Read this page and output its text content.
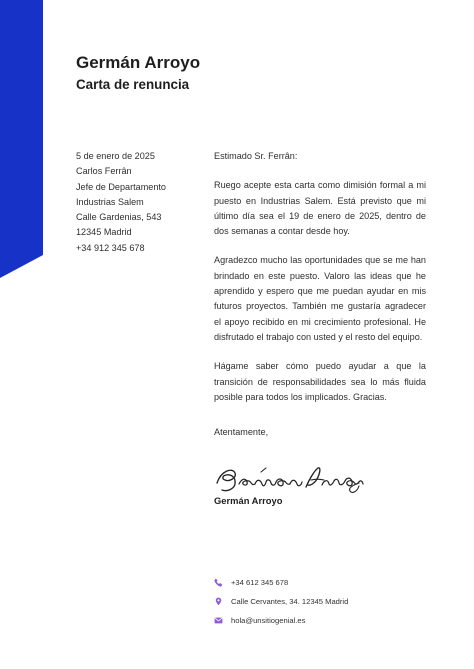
Germán Arroyo
Carta de renuncia
5 de enero de 2025
Carlos Ferrân
Jefe de Departamento
Industrias Salem
Calle Gardenias, 543
12345 Madrid
+34 912 345 678

Estimado Sr. Ferrân:

Ruego acepte esta carta como dimisión formal a mi puesto en Industrias Salem. Está previsto que mi último día sea el 19 de enero de 2025, dentro de dos semanas a contar desde hoy.

Agradezco mucho las oportunidades que se me han brindado en este puesto. Valoro las ideas que he aprendido y espero que me puedan ayudar en mis futuros proyectos. También me gustaría agradecer el apoyo recibido en mi crecimiento profesional. He disfrutado el trabajo con usted y el resto del equipo.

Hágame saber cómo puedo ayudar a que la transición de responsabilidades sea lo más fluida posible para todos los implicados. Gracias.

Atentamente,

Germán Arroyo
+34 612 345 678
Calle Cervantes, 34. 12345 Madrid
hola@unsitiogenial.es
